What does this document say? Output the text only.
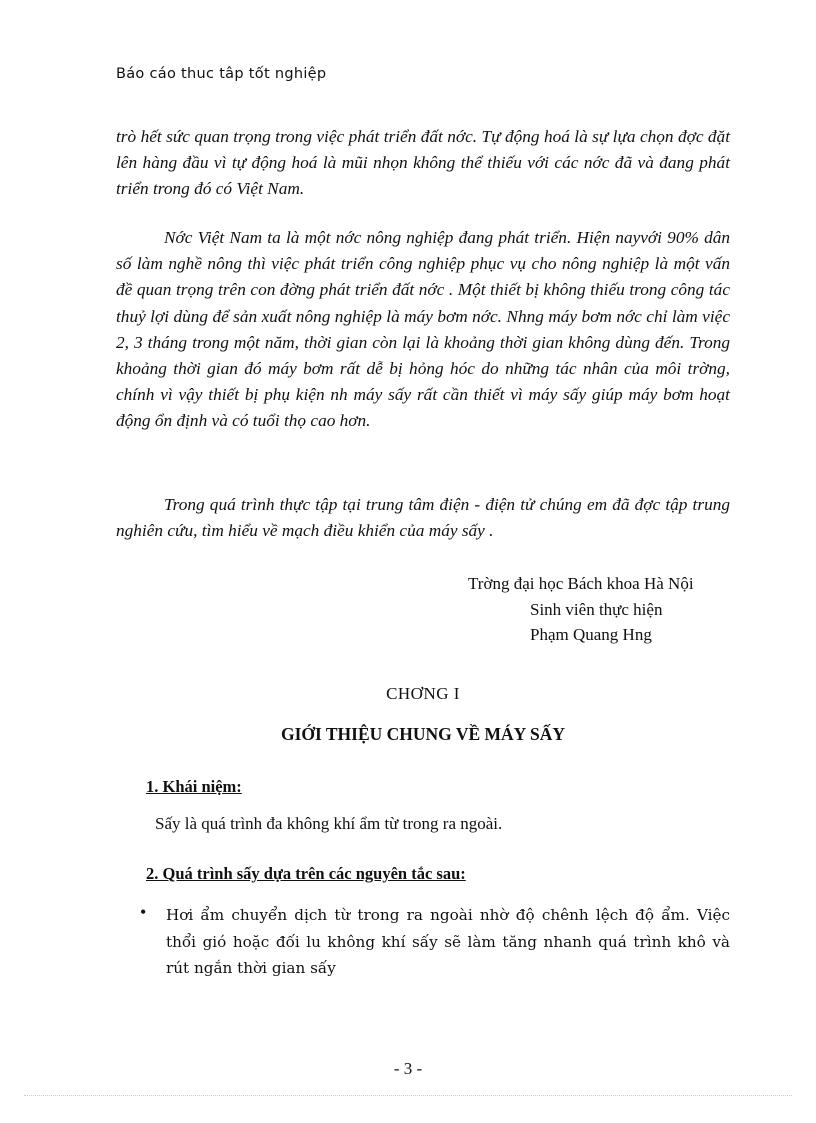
Báo cáo thuc tâp tốt nghiệp

trò hết sức quan trọng trong việc phát triển đất nớc. Tự động hoá là sự lựa chọn đợc đặt lên hàng đầu vì tự động hoá là mũi nhọn không thể thiếu với các nớc đã và đang phát triển trong đó có Việt Nam.

Nớc Việt Nam ta là một nớc nông nghiệp đang phát triển. Hiện nayvới 90% dân số làm nghề nông thì việc phát triển công nghiệp phục vụ cho nông nghiệp là một vấn đề quan trọng trên con đờng phát triển đất nớc . Một thiết bị không thiếu trong công tác thuỷ lợi dùng để sản xuất nông nghiệp là máy bơm nớc. Nhng máy bơm nớc chỉ làm việc 2, 3 tháng trong một năm, thời gian còn lại là khoảng thời gian không dùng đến. Trong khoảng thời gian đó máy bơm rất dễ bị hỏng hóc do những tác nhân của môi trờng, chính vì vậy thiết bị phụ kiện nh máy sấy rất cần thiết vì máy sấy giúp máy bơm hoạt động ổn định và có tuổi thọ cao hơn.

Trong quá trình thực tập tại trung tâm điện - điện tử chúng em đã đợc tập trung nghiên cứu, tìm hiểu về mạch điều khiển của máy sấy .

Trờng đại học Bách khoa Hà Nội
Sinh viên thực hiện
Phạm Quang Hng
CHƠNG I
GIỚI THIỆU CHUNG VỀ MÁY SẤY
1. Khái niệm:
Sấy là quá trình đa không khí ẩm từ trong ra ngoài.
2. Quá trình sấy dựa trên các nguyên tắc sau:
• Hơi ẩm chuyển dịch từ trong ra ngoài nhờ độ chênh lệch độ ẩm. Việc thổi gió hoặc đối lu không khí sấy sẽ làm tăng nhanh quá trình khô và rút ngắn thời gian sấy

- 3 -
